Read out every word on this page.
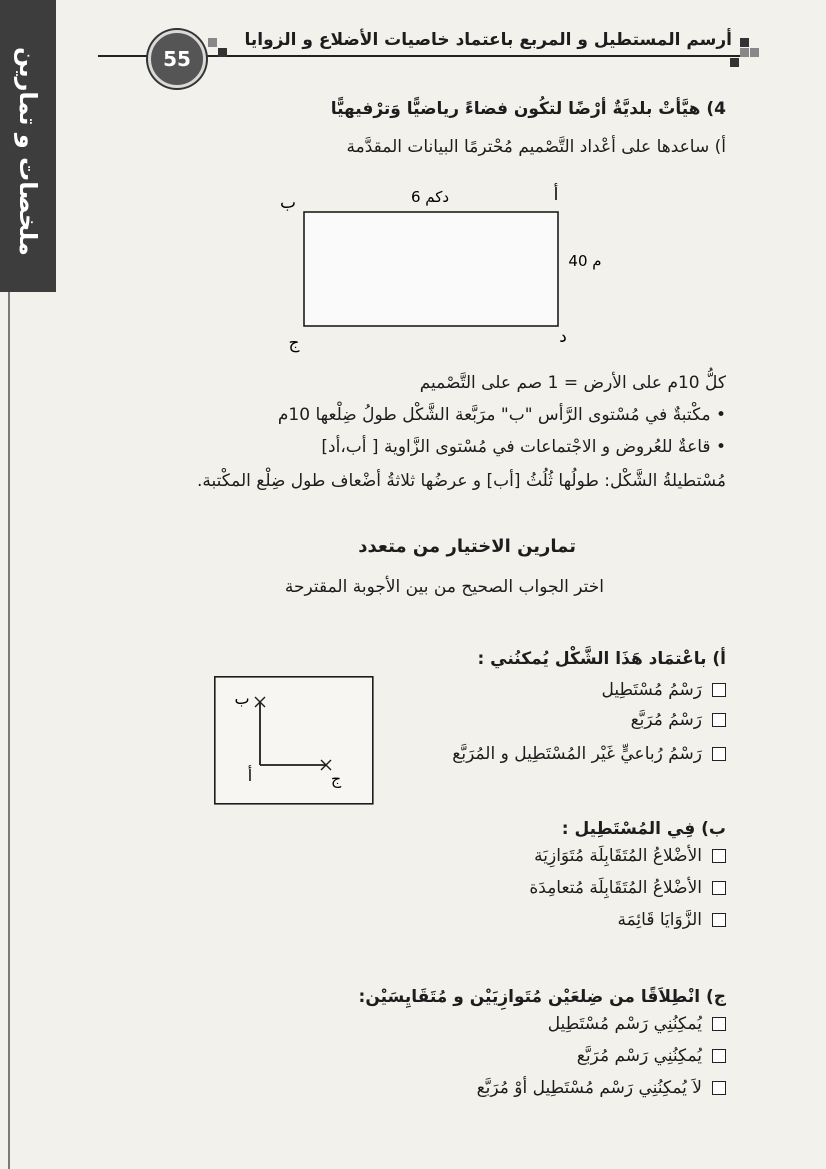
ملخصات و تمارين	55
أرسم المستطيل و المربع باعتماد خاصيات الأضلاع و الزوايا
4) هيَّأتْ بلديَّةٌ أرْضًا لتكُون فضاءً رياضيًّا وَترْفيهيًّا
أ) ساعدها على أعْداد التَّصْميم مُحْترمًا البيانات المقدَّمة
أ
ب
ج	د
6 دكم
40 م
كلُّ 10م على الأرض = 1 صم على التَّصْميم
• مكْتبةٌ في مُسْتوى الرَّأس "ب" مرَبَّعة الشَّكْل طولُ ضِلْعها 10م
• قاعةٌ للعُروض و الاجْتماعات في مُسْتوى الزَّاوية [ أب،أد]
مُسْتطيلةُ الشَّكْل: طولُها ثُلُثُ [أب] و عرضُها ثلاثةُ أضْعاف طول ضِلْع المكْتبة.
تمارين الاختيار من متعدد
اختر الجواب الصحيح من بين الأجوبة المقترحة
أ) باعْتمَاد هَذَا الشَّكْل يُمكنُني :
ب
أ	ج
رَسْمُ مُسْتَطِيل
رَسْمُ مُرَبَّع
رَسْمُ رُباعيٍّ غَيْر المُسْتَطِيل و المُرَبَّع
ب) فِي المُسْتَطِيل :
الأضْلاعُ المُتَقَابِلَة مُتَوَازِيَة
الأضْلاعُ المُتَقَابِلَة مُتعامِدَة
الزَّوَايَا قَائِمَة
ج) انْطِلاَقًا من ضِلعَيْن مُتَوازِيَيْن و مُتَقَايِسَيْن:
يُمكِنُنِي رَسْم مُسْتَطِيل
يُمكِنُنِي رَسْم مُرَبَّع
لاَ يُمكِنُنِي رَسْم مُسْتَطِيل أوْ مُرَبَّع
